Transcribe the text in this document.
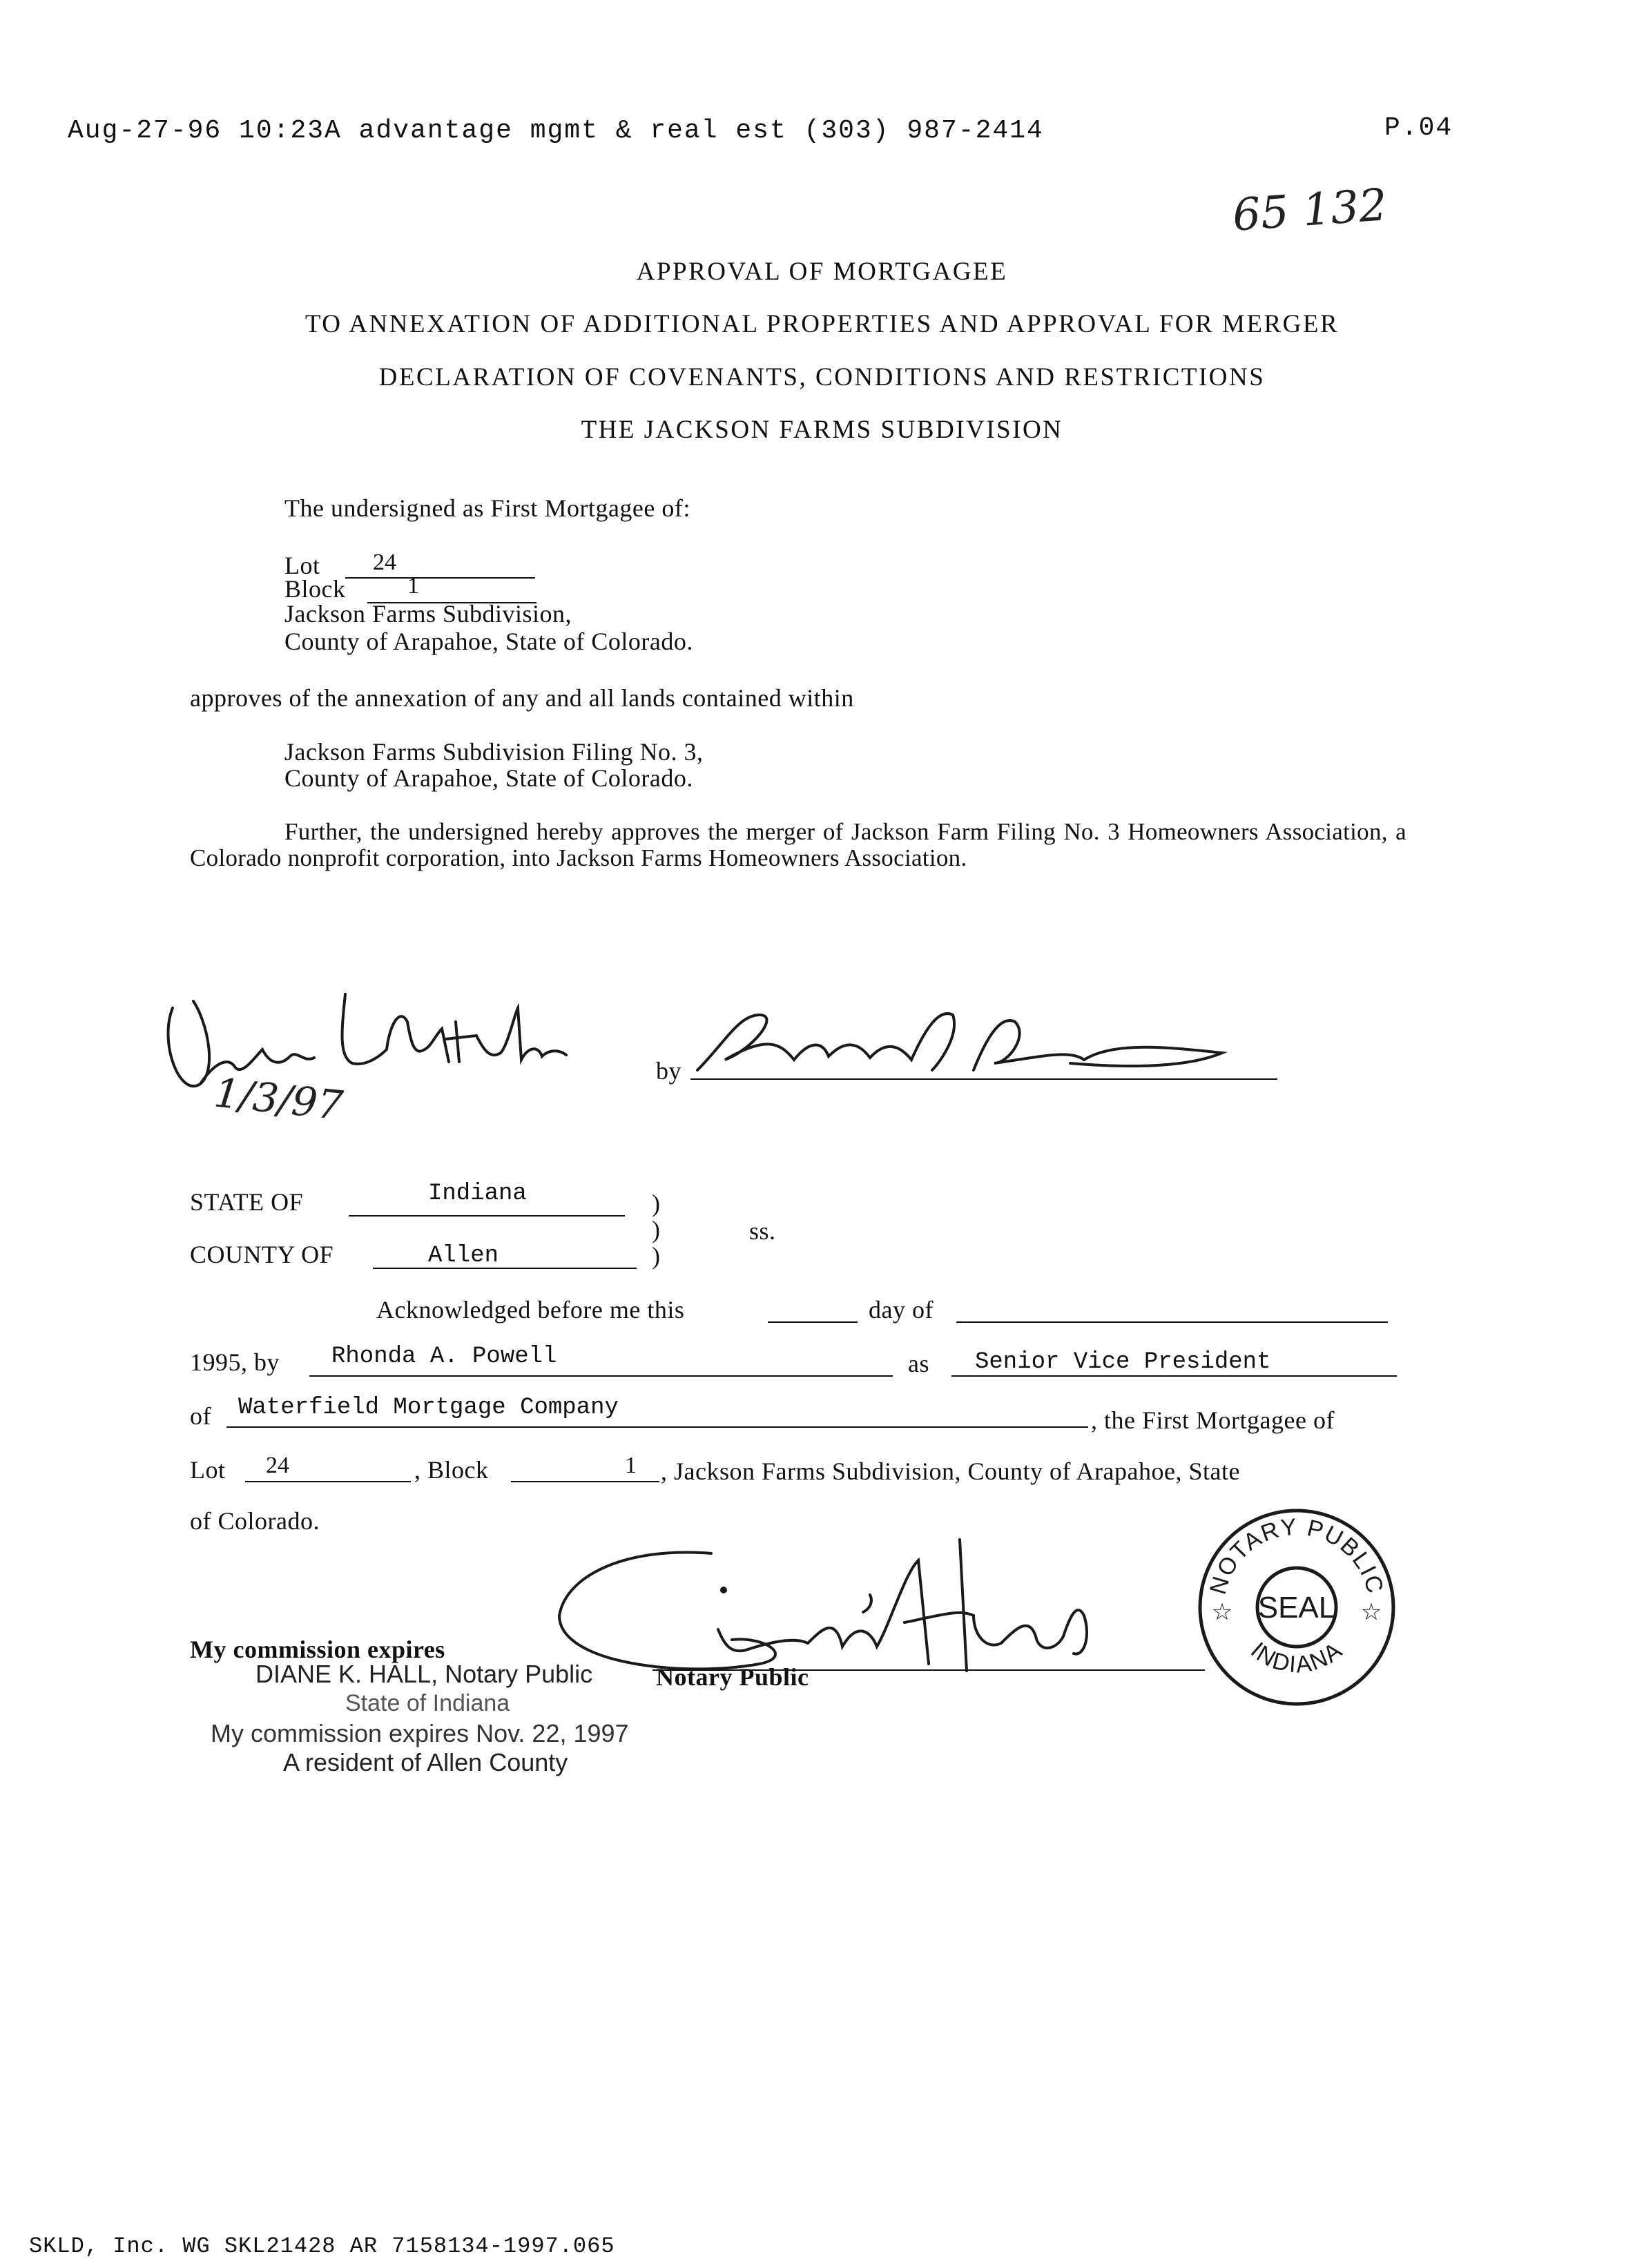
Aug-27-96 10:23A advantage mgmt & real est (303) 987-2414	P.04
65 132
APPROVAL OF MORTGAGEE
TO ANNEXATION OF ADDITIONAL PROPERTIES AND APPROVAL FOR MERGER
DECLARATION OF COVENANTS, CONDITIONS AND RESTRICTIONS
THE JACKSON FARMS SUBDIVISION
The undersigned as First Mortgagee of:
Lot 24
Block	1
Jackson Farms Subdivision,
County of Arapahoe, State of Colorado.
approves of the annexation of any and all lands contained within
Jackson Farms Subdivision Filing No. 3,
County of Arapahoe, State of Colorado.
Further, the undersigned hereby approves the merger of Jackson Farm Filing No. 3 Homeowners Association, a Colorado nonprofit corporation, into Jackson Farms Homeowners Association.
1/3/97	by
STATE OF	Indiana
COUNTY OF	Allen
)
)
)
ss.
Acknowledged before me this	day of
1995, by Rhonda A. Powell	as Senior Vice President
of Waterfield Mortgage Company	, the First Mortgagee of
Lot 24	, Block	1 , Jackson Farms Subdivision, County of Arapahoe, State
of Colorado.
NOTARY PUBLIC
INDIANA
SEAL
☆	☆
My commission expires
Notary Public
DIANE K. HALL, Notary Public
State of Indiana
My commission expires Nov. 22, 1997
A resident of Allen County
SKLD, Inc. WG SKL21428 AR 7158134-1997.065
